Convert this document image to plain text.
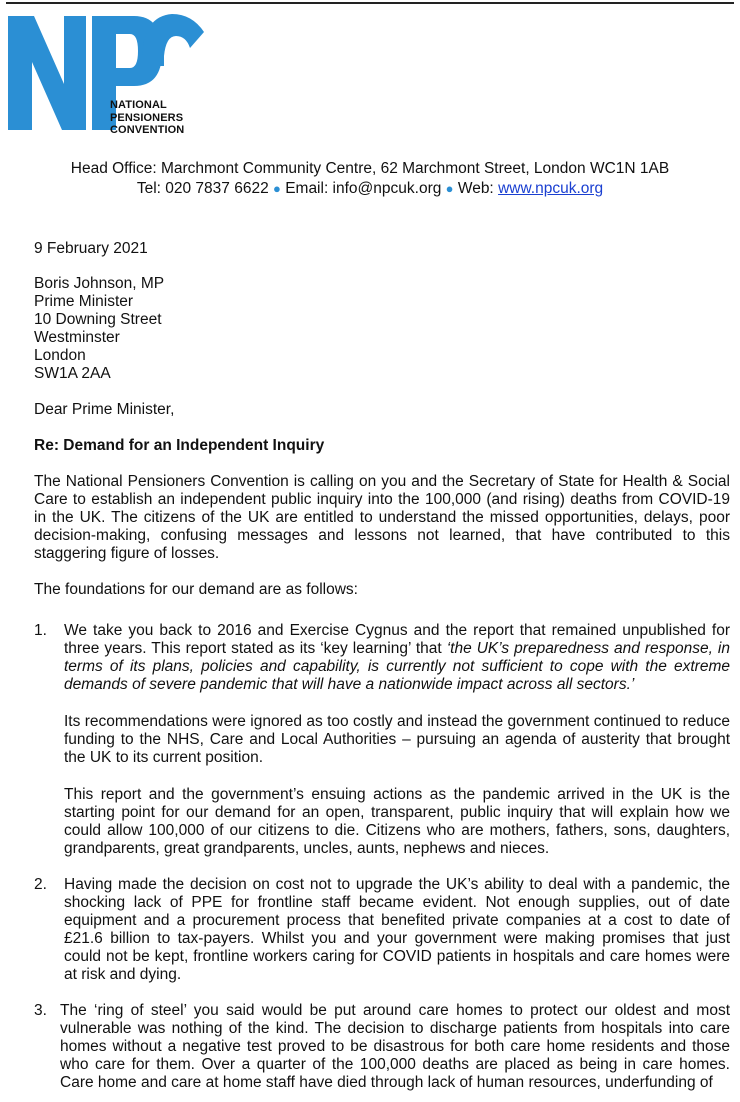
NATIONAL
PENSIONERS
CONVENTION
Head Office: Marchmont Community Centre, 62 Marchmont Street, London WC1N 1AB
Tel: 020 7837 6622 ● Email: info@npcuk.org ● Web: www.npcuk.org
9 February 2021
Boris Johnson, MP
Prime Minister
10 Downing Street
Westminster
London
SW1A 2AA
Dear Prime Minister,
Re: Demand for an Independent Inquiry
The National Pensioners Convention is calling on you and the Secretary of State for Health & Social Care to establish an independent public inquiry into the 100,000 (and rising) deaths from COVID-19 in the UK. The citizens of the UK are entitled to understand the missed opportunities, delays, poor decision-making, confusing messages and lessons not learned, that have contributed to this staggering figure of losses.
The foundations for our demand are as follows:
1. We take you back to 2016 and Exercise Cygnus and the report that remained unpublished for three years. This report stated as its ‘key learning’ that ‘the UK’s preparedness and response, in terms of its plans, policies and capability, is currently not sufficient to cope with the extreme demands of severe pandemic that will have a nationwide impact across all sectors.’
Its recommendations were ignored as too costly and instead the government continued to reduce funding to the NHS, Care and Local Authorities – pursuing an agenda of austerity that brought the UK to its current position.
This report and the government’s ensuing actions as the pandemic arrived in the UK is the starting point for our demand for an open, transparent, public inquiry that will explain how we could allow 100,000 of our citizens to die. Citizens who are mothers, fathers, sons, daughters, grandparents, great grandparents, uncles, aunts, nephews and nieces.
2. Having made the decision on cost not to upgrade the UK’s ability to deal with a pandemic, the shocking lack of PPE for frontline staff became evident. Not enough supplies, out of date equipment and a procurement process that benefited private companies at a cost to date of £21.6 billion to tax-payers. Whilst you and your government were making promises that just could not be kept, frontline workers caring for COVID patients in hospitals and care homes were at risk and dying.
3. The ‘ring of steel’ you said would be put around care homes to protect our oldest and most vulnerable was nothing of the kind. The decision to discharge patients from hospitals into care homes without a negative test proved to be disastrous for both care home residents and those who care for them. Over a quarter of the 100,000 deaths are placed as being in care homes. Care home and care at home staff have died through lack of human resources, underfunding of
